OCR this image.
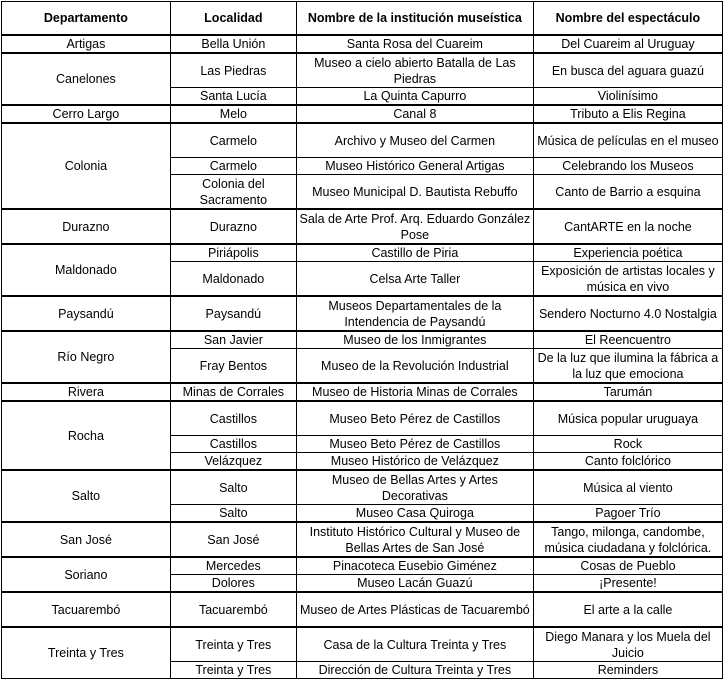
Departamento	Localidad	Nombre de la institución museística	Nombre del espectáculo
Artigas	Bella Unión	Santa Rosa del Cuareim	Del Cuareim al Uruguay
Canelones	Las Piedras	Museo a cielo abierto Batalla de Las Piedras	En busca del aguara guazú
	Santa Lucía	La Quinta Capurro	Violinísimo
Cerro Largo	Melo	Canal 8	Tributo a Elis Regina
Colonia	Carmelo	Archivo y Museo del Carmen	Música de películas en el museo
	Carmelo	Museo Histórico General Artigas	Celebrando los Museos
	Colonia del Sacramento	Museo Municipal D. Bautista Rebuffo	Canto de Barrio a esquina
Durazno	Durazno	Sala de Arte Prof. Arq. Eduardo González Pose	CantARTE en la noche
Maldonado	Piriápolis	Castillo de Piria	Experiencia poética
	Maldonado	Celsa Arte Taller	Exposición de artistas locales y música en vivo
Paysandú	Paysandú	Museos Departamentales de la Intendencia de Paysandú	Sendero Nocturno 4.0 Nostalgia
Río Negro	San Javier	Museo de los Inmigrantes	El Reencuentro
	Fray Bentos	Museo de la Revolución Industrial	De la luz que ilumina la fábrica a la luz que emociona
Rivera	Minas de Corrales	Museo de Historia Minas de Corrales	Tarumán
Rocha	Castillos	Museo Beto Pérez de Castillos	Música popular uruguaya
	Castillos	Museo Beto Pérez de Castillos	Rock
	Velázquez	Museo Histórico de Velázquez	Canto folclórico
Salto	Salto	Museo de Bellas Artes y Artes Decorativas	Música al viento
	Salto	Museo Casa Quiroga	Pagoer Trío
San José	San José	Instituto Histórico Cultural y Museo de Bellas Artes de San José	Tango, milonga, candombe, música ciudadana y folclórica.
Soriano	Mercedes	Pinacoteca Eusebio Giménez	Cosas de Pueblo
	Dolores	Museo Lacán Guazú	¡Presente!
Tacuarembó	Tacuarembó	Museo de Artes Plásticas de Tacuarembó	El arte a la calle
Treinta y Tres	Treinta y Tres	Casa de la Cultura Treinta y Tres	Diego Manara y los Muela del Juicio
	Treinta y Tres	Dirección de Cultura Treinta y Tres	Reminders
